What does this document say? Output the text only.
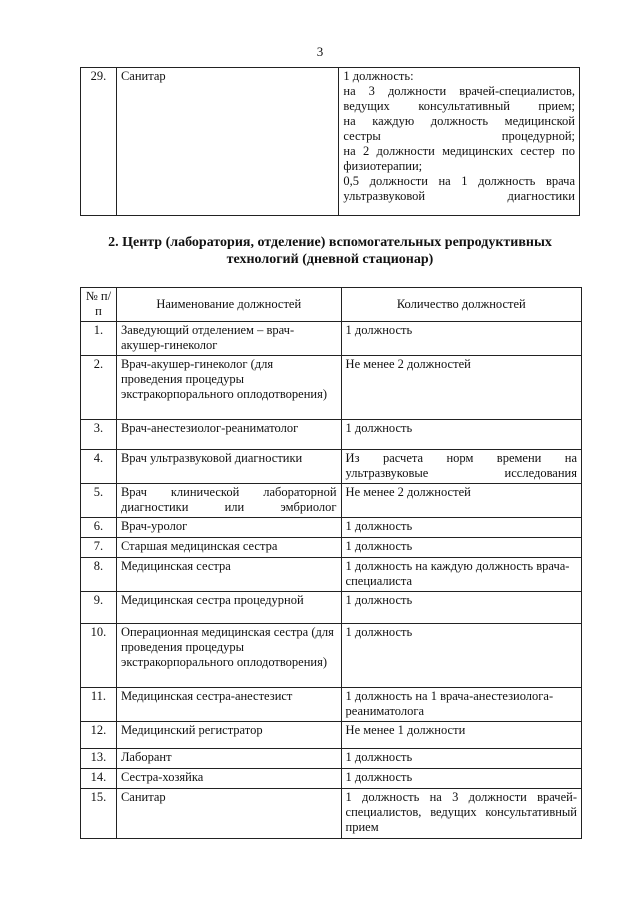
3
29.	Санитар	1 должность:
на 3 должности врачей-специалистов, ведущих консультативный прием;
на каждую должность медицинской сестры процедурной;
на 2 должности медицинских сестер по физиотерапии;
0,5 должности на 1 должность врача ультразвуковой диагностики
2. Центр (лаборатория, отделение) вспомогательных репродуктивных
технологий (дневной стационар)
№ п/п	Наименование должностей	Количество должностей
1.	Заведующий отделением – врач-акушер-гинеколог	1 должность
2.	Врач-акушер-гинеколог (для проведения процедуры экстракорпорального оплодотворения)	Не менее 2 должностей
3.	Врач-анестезиолог-реаниматолог	1 должность
4.	Врач ультразвуковой диагностики	Из расчета норм времени на ультразвуковые исследования
5.	Врач клинической лабораторной диагностики или эмбриолог	Не менее 2 должностей
6.	Врач-уролог	1 должность
7.	Старшая медицинская сестра	1 должность
8.	Медицинская сестра	1 должность на каждую должность врача-специалиста
9.	Медицинская сестра процедурной	1 должность
10.	Операционная медицинская сестра (для проведения процедуры экстракорпорального оплодотворения)	1 должность
11.	Медицинская сестра-анестезист	1 должность на 1 врача-анестезиолога-реаниматолога
12.	Медицинский регистратор	Не менее 1 должности
13.	Лаборант	1 должность
14.	Сестра-хозяйка	1 должность
15.	Санитар	1 должность на 3 должности врачей-специалистов, ведущих консультативный прием
